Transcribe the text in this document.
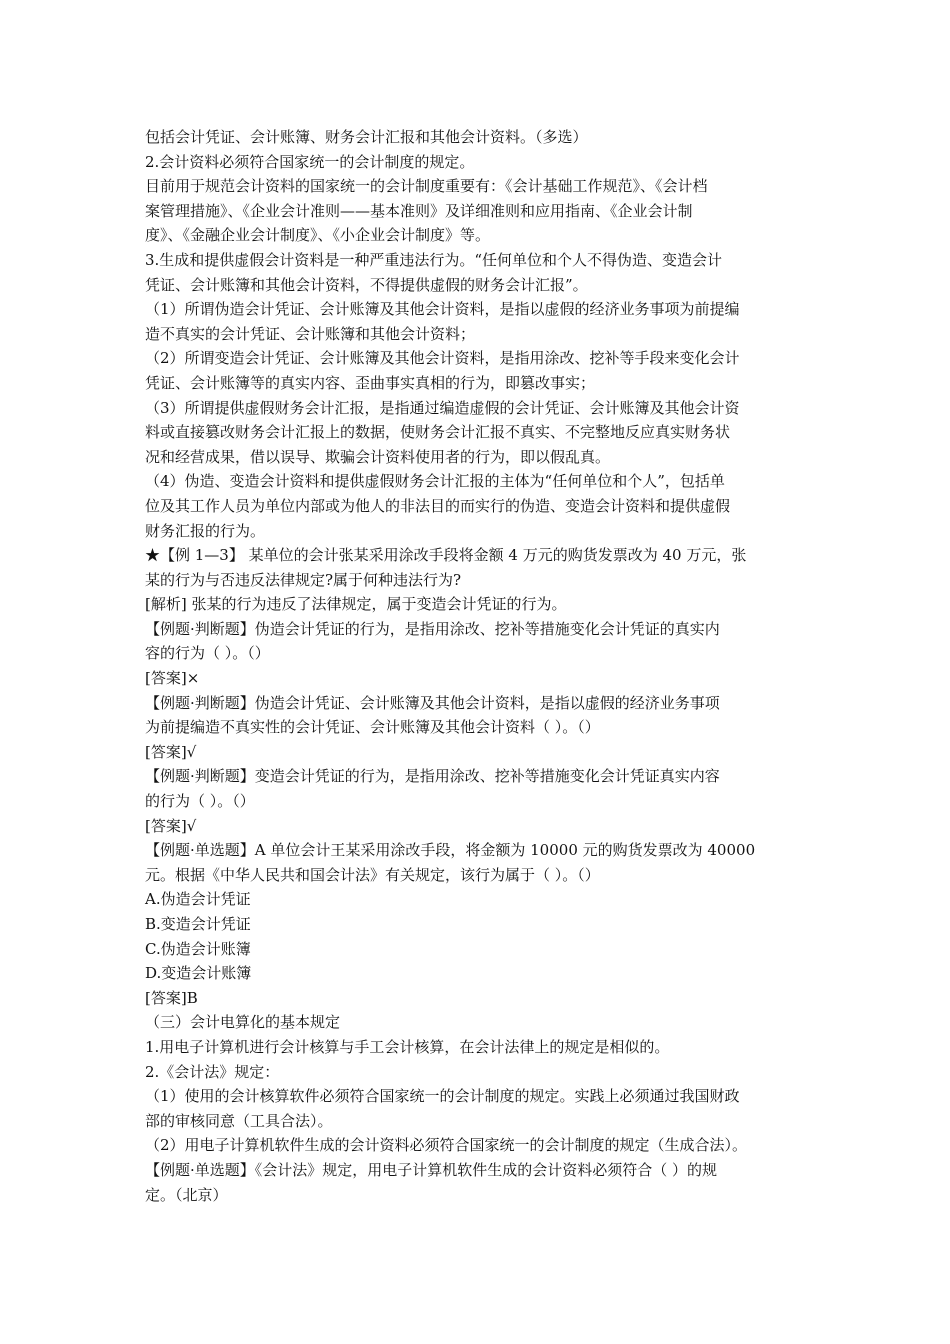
包括会计凭证、会计账簿、财务会计汇报和其他会计资料。（多选）
2.会计资料必须符合国家统一的会计制度的规定。
目前用于规范会计资料的国家统一的会计制度重要有：《会计基础工作规范》、《会计档
案管理措施》、《企业会计准则——基本准则》及详细准则和应用指南、《企业会计制
度》、《金融企业会计制度》、《小企业会计制度》等。
3.生成和提供虚假会计资料是一种严重违法行为。“任何单位和个人不得伪造、变造会计
凭证、会计账簿和其他会计资料，不得提供虚假的财务会计汇报”。
（1）所谓伪造会计凭证、会计账簿及其他会计资料，是指以虚假的经济业务事项为前提编
造不真实的会计凭证、会计账簿和其他会计资料；
（2）所谓变造会计凭证、会计账簿及其他会计资料，是指用涂改、挖补等手段来变化会计
凭证、会计账簿等的真实内容、歪曲事实真相的行为，即篡改事实；
（3）所谓提供虚假财务会计汇报，是指通过编造虚假的会计凭证、会计账簿及其他会计资
料或直接篡改财务会计汇报上的数据，使财务会计汇报不真实、不完整地反应真实财务状
况和经营成果，借以误导、欺骗会计资料使用者的行为，即以假乱真。
（4）伪造、变造会计资料和提供虚假财务会计汇报的主体为“任何单位和个人”，包括单
位及其工作人员为单位内部或为他人的非法目的而实行的伪造、变造会计资料和提供虚假
财务汇报的行为。
★【例 1—3】 某单位的会计张某采用涂改手段将金额 4 万元的购货发票改为 40 万元，张
某的行为与否违反法律规定?属于何种违法行为?
[解析] 张某的行为违反了法律规定，属于变造会计凭证的行为。
【例题·判断题】伪造会计凭证的行为，是指用涂改、挖补等措施变化会计凭证的真实内
容的行为（ ）。（）
[答案]×
【例题·判断题】伪造会计凭证、会计账簿及其他会计资料，是指以虚假的经济业务事项
为前提编造不真实性的会计凭证、会计账簿及其他会计资料（ ）。（）
[答案]√
【例题·判断题】变造会计凭证的行为，是指用涂改、挖补等措施变化会计凭证真实内容
的行为（ ）。（）
[答案]√
【例题·单选题】A 单位会计王某采用涂改手段，将金额为 10000 元的购货发票改为 40000
元。根据《中华人民共和国会计法》有关规定，该行为属于（ ）。（）
A.伪造会计凭证
B.变造会计凭证
C.伪造会计账簿
D.变造会计账簿
[答案]B
（三）会计电算化的基本规定
1.用电子计算机进行会计核算与手工会计核算，在会计法律上的规定是相似的。
2.《会计法》规定：
（1）使用的会计核算软件必须符合国家统一的会计制度的规定。实践上必须通过我国财政
部的审核同意（工具合法）。
（2）用电子计算机软件生成的会计资料必须符合国家统一的会计制度的规定（生成合法）。
【例题·单选题】《会计法》规定，用电子计算机软件生成的会计资料必须符合（ ）的规
定。（北京）
